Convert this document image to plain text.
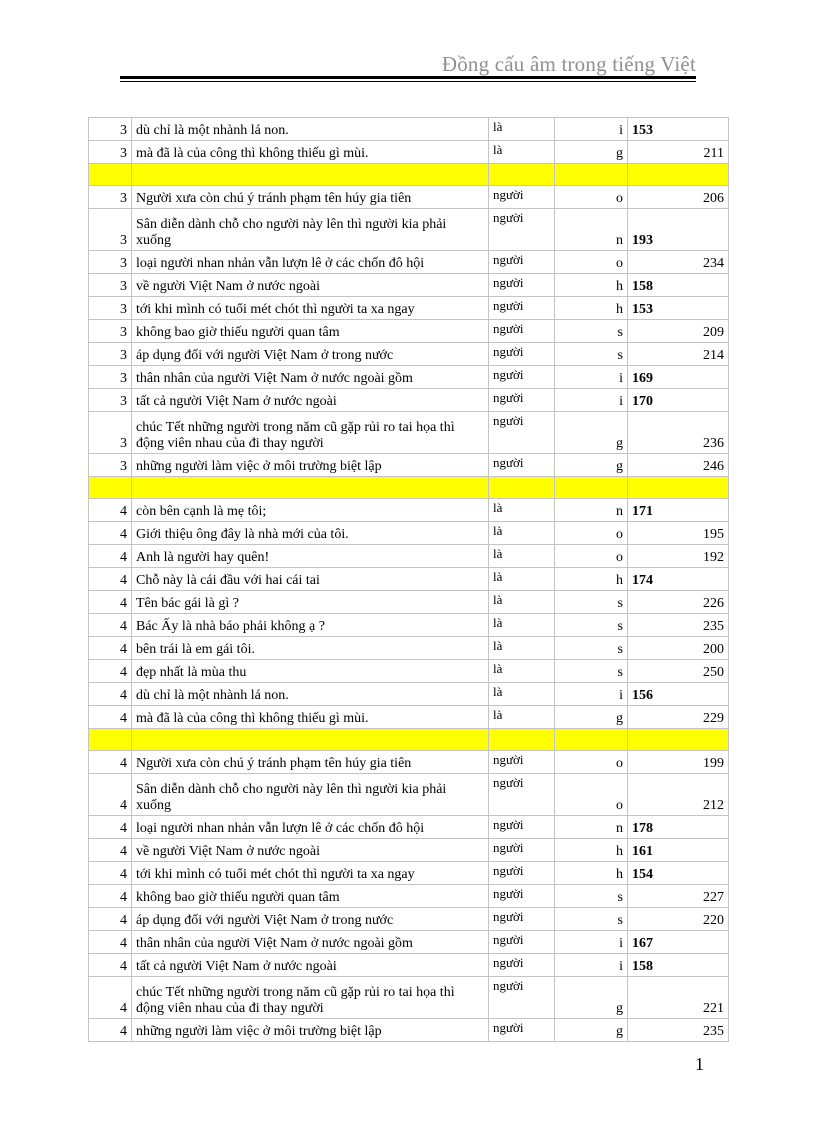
Đồng cấu âm trong tiếng Việt
3	dù chỉ là một nhành lá non.	là	i	153
3	mà đã là của công thì không thiếu gì mùi.	là	g	211

3	Người xưa còn chú ý tránh phạm tên húy gia tiên	người	o	206
3	Sân diễn dành chỗ cho người này lên thì người kia phải xuống	người	n	193
3	loại người nhan nhản vẫn lượn lê ở các chốn đô hội	người	o	234
3	về người Việt Nam ở nước ngoài	người	h	158
3	tới khi mình có tuổi mét chót thì người ta xa ngay	người	h	153
3	không bao giờ thiếu người quan tâm	người	s	209
3	áp dụng đối với người Việt Nam ở trong nước	người	s	214
3	thân nhân của người Việt Nam ở nước ngoài gồm	người	i	169
3	tất cả người Việt Nam ở nước ngoài	người	i	170
3	chúc Tết những người trong năm cũ gặp rủi ro tai họa thì động viên nhau của đi thay người	người	g	236
3	những người làm việc ở môi trường biệt lập	người	g	246

4	còn bên cạnh là mẹ tôi;	là	n	171
4	Giới thiệu ông đây là nhà mới của tôi.	là	o	195
4	Anh là người hay quên!	là	o	192
4	Chỗ này là cái đầu với hai cái tai	là	h	174
4	Tên bác gái là gì ?	là	s	226
4	Bác Ấy là nhà báo phải không ạ ?	là	s	235
4	bên trái là em gái tôi.	là	s	200
4	đẹp nhất là mùa thu	là	s	250
4	dù chỉ là một nhành lá non.	là	i	156
4	mà đã là của công thì không thiếu gì mùi.	là	g	229

4	Người xưa còn chú ý tránh phạm tên húy gia tiên	người	o	199
4	Sân diễn dành chỗ cho người này lên thì người kia phải xuống	người	o	212
4	loại người nhan nhản vẫn lượn lê ở các chốn đô hội	người	n	178
4	về người Việt Nam ở nước ngoài	người	h	161
4	tới khi mình có tuổi mét chót thì người ta xa ngay	người	h	154
4	không bao giờ thiếu người quan tâm	người	s	227
4	áp dụng đối với người Việt Nam ở trong nước	người	s	220
4	thân nhân của người Việt Nam ở nước ngoài gồm	người	i	167
4	tất cả người Việt Nam ở nước ngoài	người	i	158
4	chúc Tết những người trong năm cũ gặp rủi ro tai họa thì động viên nhau của đi thay người	người	g	221
4	những người làm việc ở môi trường biệt lập	người	g	235
1
